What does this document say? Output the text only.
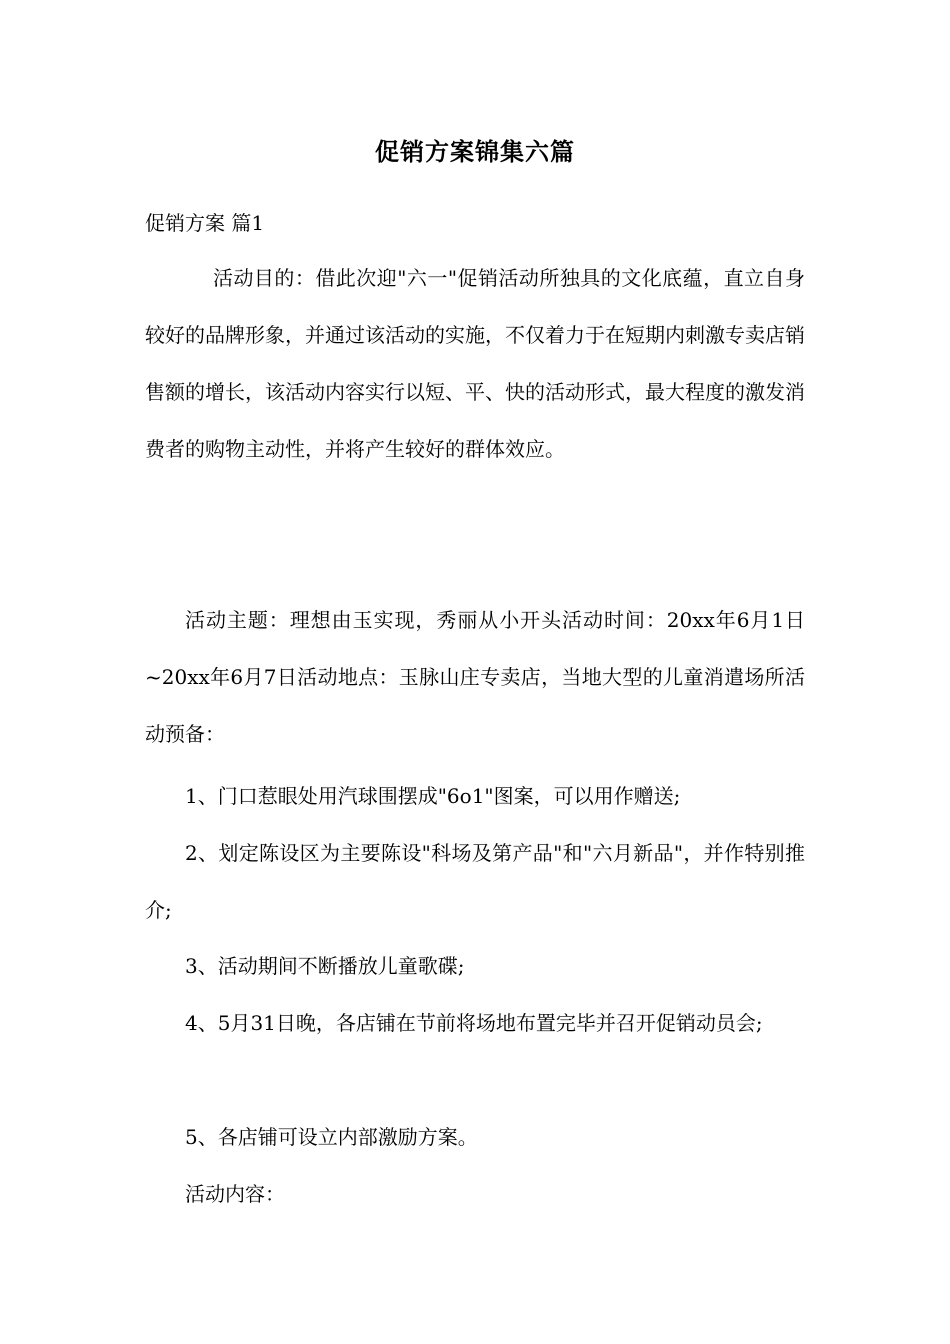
促销方案锦集六篇
促销方案 篇1

活动目的：借此次迎"六一"促销活动所独具的文化底蕴，直立自身较好的品牌形象，并通过该活动的实施，不仅着力于在短期内刺激专卖店销售额的增长，该活动内容实行以短、平、快的活动形式，最大程度的激发消费者的购物主动性，并将产生较好的群体效应。

活动主题：理想由玉实现，秀丽从小开头活动时间：20xx年6月1日~20xx年6月7日活动地点：玉脉山庄专卖店，当地大型的儿童消遣场所活动预备：

1、门口惹眼处用汽球围摆成"6o1"图案，可以用作赠送;

2、划定陈设区为主要陈设"科场及第产品"和"六月新品"，并作特别推介;

3、活动期间不断播放儿童歌碟;

4、5月31日晚，各店铺在节前将场地布置完毕并召开促销动员会;

5、各店铺可设立内部激励方案。

活动内容：
